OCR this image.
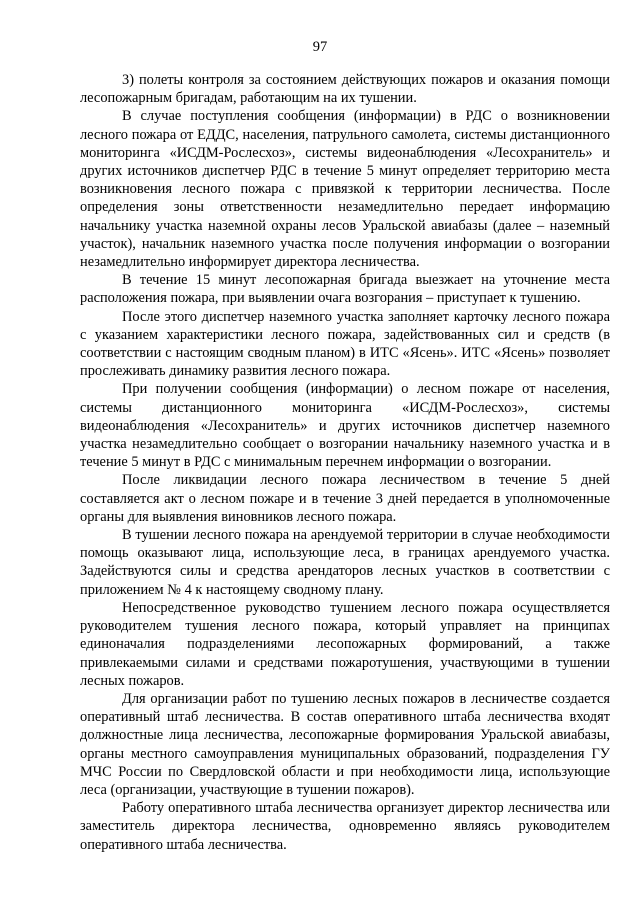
97

3) полеты контроля за состоянием действующих пожаров и оказания помощи лесопожарным бригадам, работающим на их тушении.

В случае поступления сообщения (информации) в РДС о возникновении лесного пожара от ЕДДС, населения, патрульного самолета, системы дистанционного мониторинга «ИСДМ-Рослесхоз», системы видеонаблюдения «Лесохранитель» и других источников диспетчер РДС в течение 5 минут определяет территорию места возникновения лесного пожара с привязкой к территории лесничества. После определения зоны ответственности незамедлительно передает информацию начальнику участка наземной охраны лесов Уральской авиабазы (далее – наземный участок), начальник наземного участка после получения информации о возгорании незамедлительно информирует директора лесничества.

В течение 15 минут лесопожарная бригада выезжает на уточнение места расположения пожара, при выявлении очага возгорания – приступает к тушению.

После этого диспетчер наземного участка заполняет карточку лесного пожара с указанием характеристики лесного пожара, задействованных сил и средств (в соответствии с настоящим сводным планом) в ИТС «Ясень». ИТС «Ясень» позволяет прослеживать динамику развития лесного пожара.

При получении сообщения (информации) о лесном пожаре от населения, системы дистанционного мониторинга «ИСДМ-Рослесхоз», системы видеонаблюдения «Лесохранитель» и других источников диспетчер наземного участка незамедлительно сообщает о возгорании начальнику наземного участка и в течение 5 минут в РДС с минимальным перечнем информации о возгорании.

После ликвидации лесного пожара лесничеством в течение 5 дней составляется акт о лесном пожаре и в течение 3 дней передается в уполномоченные органы для выявления виновников лесного пожара.

В тушении лесного пожара на арендуемой территории в случае необходимости помощь оказывают лица, использующие леса, в границах арендуемого участка. Задействуются силы и средства арендаторов лесных участков в соответствии с приложением № 4 к настоящему сводному плану.

Непосредственное руководство тушением лесного пожара осуществляется руководителем тушения лесного пожара, который управляет на принципах единоначалия подразделениями лесопожарных формирований, а также привлекаемыми силами и средствами пожаротушения, участвующими в тушении лесных пожаров.

Для организации работ по тушению лесных пожаров в лесничестве создается оперативный штаб лесничества. В состав оперативного штаба лесничества входят должностные лица лесничества, лесопожарные формирования Уральской авиабазы, органы местного самоуправления муниципальных образований, подразделения ГУ МЧС России по Свердловской области и при необходимости лица, использующие леса (организации, участвующие в тушении пожаров).

Работу оперативного штаба лесничества организует директор лесничества или заместитель директора лесничества, одновременно являясь руководителем оперативного штаба лесничества.
